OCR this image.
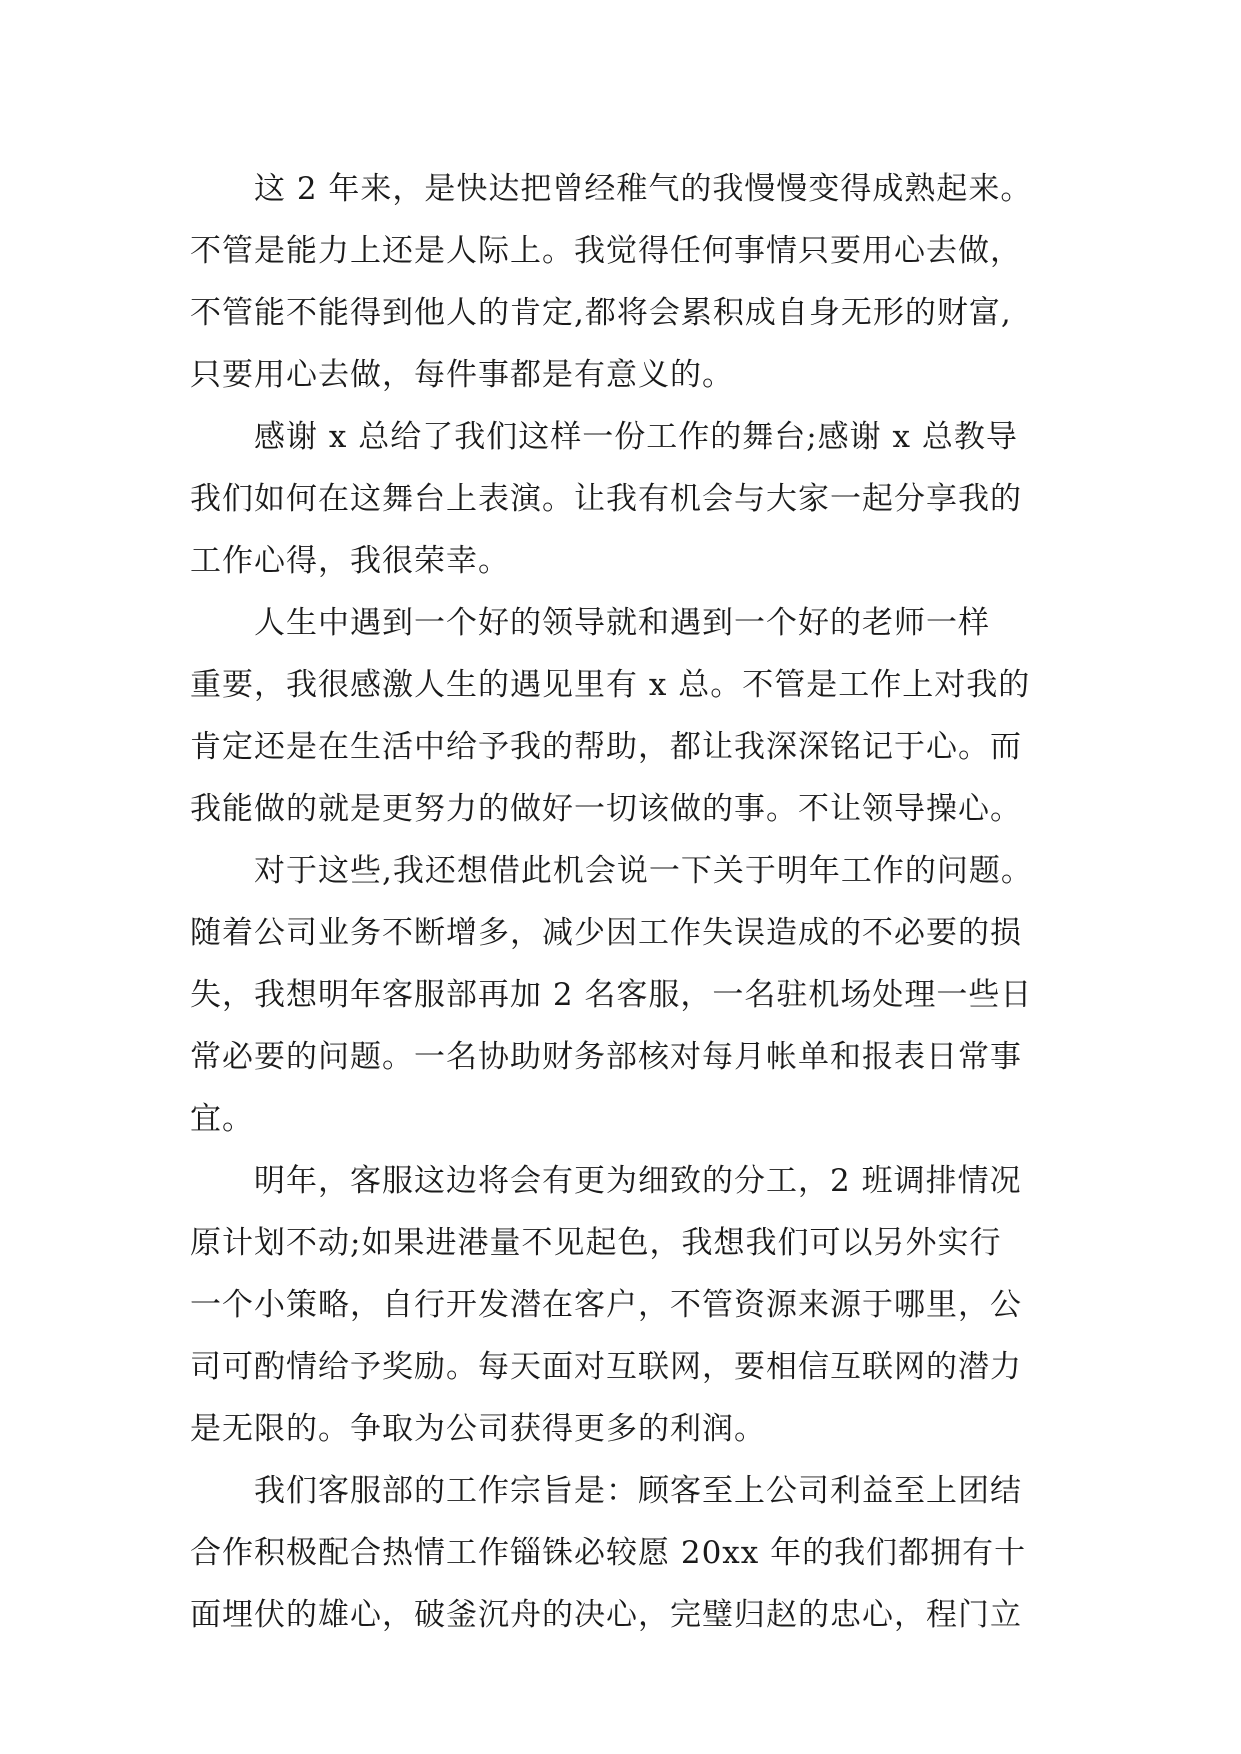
这 2 年来，是快达把曾经稚气的我慢慢变得成熟起来。
不管是能力上还是人际上。我觉得任何事情只要用心去做，
不管能不能得到他人的肯定,都将会累积成自身无形的财富,
只要用心去做，每件事都是有意义的。

感谢 x 总给了我们这样一份工作的舞台;感谢 x 总教导
我们如何在这舞台上表演。让我有机会与大家一起分享我的
工作心得，我很荣幸。

人生中遇到一个好的领导就和遇到一个好的老师一样
重要，我很感激人生的遇见里有 x 总。不管是工作上对我的
肯定还是在生活中给予我的帮助，都让我深深铭记于心。而
我能做的就是更努力的做好一切该做的事。不让领导操心。

对于这些,我还想借此机会说一下关于明年工作的问题。
随着公司业务不断增多，减少因工作失误造成的不必要的损
失，我想明年客服部再加 2 名客服，一名驻机场处理一些日
常必要的问题。一名协助财务部核对每月帐单和报表日常事
宜。

明年，客服这边将会有更为细致的分工，2 班调排情况
原计划不动;如果进港量不见起色，我想我们可以另外实行
一个小策略，自行开发潜在客户，不管资源来源于哪里，公
司可酌情给予奖励。每天面对互联网，要相信互联网的潜力
是无限的。争取为公司获得更多的利润。

我们客服部的工作宗旨是：顾客至上公司利益至上团结
合作积极配合热情工作锱铢必较愿 20xx 年的我们都拥有十
面埋伏的雄心，破釜沉舟的决心，完璧归赵的忠心，程门立
